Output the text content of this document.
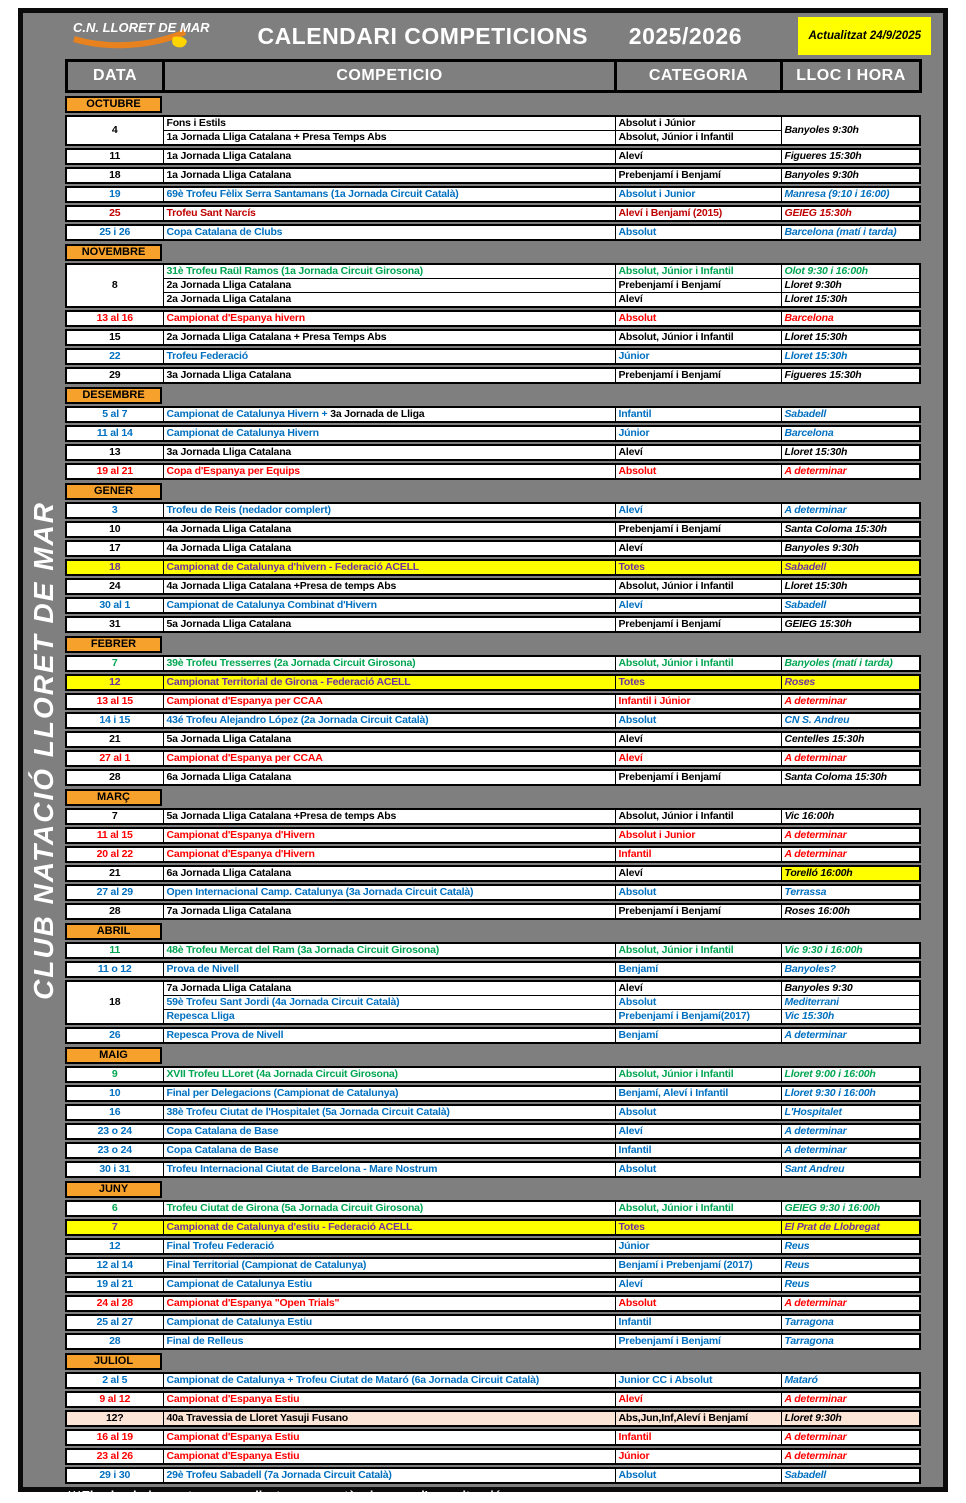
CLUB NATACIÓ LLORET DE MAR
C.N. LLORET DE MAR	CALENDARI COMPETICIONS 2025/2026	Actualitzat 24/9/2025
DATA	COMPETICIO	CATEGORIA	LLOC I HORA
OCTUBRE
4	Fons i Estils	Absolut i Júnior	Banyoles 9:30h
	1a Jornada Lliga Catalana + Presa Temps Abs	Absolut, Júnior i Infantil	
11	1a Jornada Lliga Catalana	Aleví	Figueres 15:30h
18	1a Jornada Lliga Catalana	Prebenjamí i Benjamí	Banyoles 9:30h
19	69è Trofeu Fèlix Serra Santamans (1a Jornada Circuit Català)	Absolut i Junior	Manresa (9:10 i 16:00)
25	Trofeu Sant Narcís	Aleví i Benjamí (2015)	GEIEG 15:30h
25 i 26	Copa Catalana de Clubs	Absolut	Barcelona (matí i tarda)
NOVEMBRE
8	31è Trofeu Raül Ramos (1a Jornada Circuit Girosona)	Absolut, Júnior i Infantil	Olot 9:30 i 16:00h
	2a Jornada Lliga Catalana	Prebenjamí i Benjamí	Lloret 9:30h
	2a Jornada Lliga Catalana	Aleví	Lloret 15:30h
13 al 16	Campionat d'Espanya hivern	Absolut	Barcelona
15	2a Jornada Lliga Catalana + Presa Temps Abs	Absolut, Júnior i Infantil	Lloret 15:30h
22	Trofeu Federació	Júnior	Lloret 15:30h
29	3a Jornada Lliga Catalana	Prebenjamí i Benjamí	Figueres 15:30h
DESEMBRE
5 al 7	Campionat de Catalunya Hivern + 3a Jornada de Lliga	Infantil	Sabadell
11 al 14	Campionat de Catalunya Hivern	Júnior	Barcelona
13	3a Jornada Lliga Catalana	Aleví	Lloret 15:30h
19 al 21	Copa d'Espanya per Equips	Absolut	A determinar
GENER
3	Trofeu de Reis (nedador complert)	Aleví	A determinar
10	4a Jornada Lliga Catalana	Prebenjamí i Benjamí	Santa Coloma 15:30h
17	4a Jornada Lliga Catalana	Aleví	Banyoles 9:30h
18	Campionat de Catalunya d'hivern - Federació ACELL	Totes	Sabadell
24	4a Jornada Lliga Catalana +Presa de temps Abs	Absolut, Júnior i Infantil	Lloret 15:30h
30 al 1	Campionat de Catalunya Combinat d'Hivern	Aleví	Sabadell
31	5a Jornada Lliga Catalana	Prebenjamí i Benjamí	GEIEG 15:30h
FEBRER
7	39è Trofeu Tresserres (2a Jornada Circuit Girosona)	Absolut, Júnior i Infantil	Banyoles (matí i tarda)
12	Campionat Territorial de Girona - Federació ACELL	Totes	Roses
13 al 15	Campionat d'Espanya per CCAA	Infantil i Júnior	A determinar
14 i 15	43é Trofeu Alejandro López (2a Jornada Circuit Català)	Absolut	CN S. Andreu
21	5a Jornada Lliga Catalana	Aleví	Centelles 15:30h
27 al 1	Campionat d'Espanya per CCAA	Aleví	A determinar
28	6a Jornada Lliga Catalana	Prebenjamí i Benjamí	Santa Coloma 15:30h
MARÇ
7	5a Jornada Lliga Catalana +Presa de temps Abs	Absolut, Júnior i Infantil	Vic 16:00h
11 al 15	Campionat d'Espanya d'Hivern	Absolut i Junior	A determinar
20 al 22	Campionat d'Espanya d'Hivern	Infantil	A determinar
21	6a Jornada Lliga Catalana	Aleví	Torelló 16:00h
27 al 29	Open Internacional Camp. Catalunya (3a Jornada Circuit Català)	Absolut	Terrassa
28	7a Jornada Lliga Catalana	Prebenjamí i Benjamí	Roses 16:00h
ABRIL
11	48è Trofeu Mercat del Ram (3a Jornada Circuit Girosona)	Absolut, Júnior i Infantil	Vic 9:30 i 16:00h
11 o 12	Prova de Nivell	Benjamí	Banyoles?
18	7a Jornada Lliga Catalana	Aleví	Banyoles 9:30
	59è Trofeu Sant Jordi (4a Jornada Circuit Català)	Absolut	Mediterrani
	Repesca Lliga	Prebenjamí i Benjamí(2017)	Vic 15:30h
26	Repesca Prova de Nivell	Benjamí	A determinar
MAIG
9	XVII Trofeu LLoret (4a Jornada Circuit Girosona)	Absolut, Júnior i Infantil	Lloret 9:00 i 16:00h
10	Final per Delegacions (Campionat de Catalunya)	Benjamí, Aleví i Infantil	Lloret 9:30 i 16:00h
16	38è Trofeu Ciutat de l'Hospitalet (5a Jornada Circuit Català)	Absolut	L'Hospitalet
23 o 24	Copa Catalana de Base	Aleví	A determinar
23 o 24	Copa Catalana de Base	Infantil	A determinar
30 i 31	Trofeu Internacional Ciutat de Barcelona - Mare Nostrum	Absolut	Sant Andreu
JUNY
6	Trofeu Ciutat de Girona (5a Jornada Circuit Girosona)	Absolut, Júnior i Infantil	GEIEG 9:30 i 16:00h
7	Campionat de Catalunya d'estiu - Federació ACELL	Totes	El Prat de Llobregat
12	Final Trofeu Federació	Júnior	Reus
12 al 14	Final Territorial (Campionat de Catalunya)	Benjamí i Prebenjamí (2017)	Reus
19 al 21	Campionat de Catalunya Estiu	Aleví	Reus
24 al 28	Campionat d'Espanya "Open Trials"	Absolut	A determinar
25 al 27	Campionat de Catalunya Estiu	Infantil	Tarragona
28	Final de Relleus	Prebenjamí i Benjamí	Tarragona
JULIOL
2 al 5	Campionat de Catalunya + Trofeu Ciutat de Mataró (6a Jornada Circuit Català)	Junior CC i Absolut	Mataró
9 al 12	Campionat d'Espanya Estiu	Aleví	A determinar
12?	40a Travessia de Lloret Yasuji Fusano	Abs,Jun,Inf,Aleví i Benjamí	Lloret 9:30h
16 al 19	Campionat d'Espanya Estiu	Infantil	A determinar
23 al 26	Campionat d'Espanya Estiu	Júnior	A determinar
29 i 30	29è Trofeu Sabadell (7a Jornada Circuit Català)	Absolut	Sabadell
***El calendari es pot veure modicat per raons tècniques o d'organització
